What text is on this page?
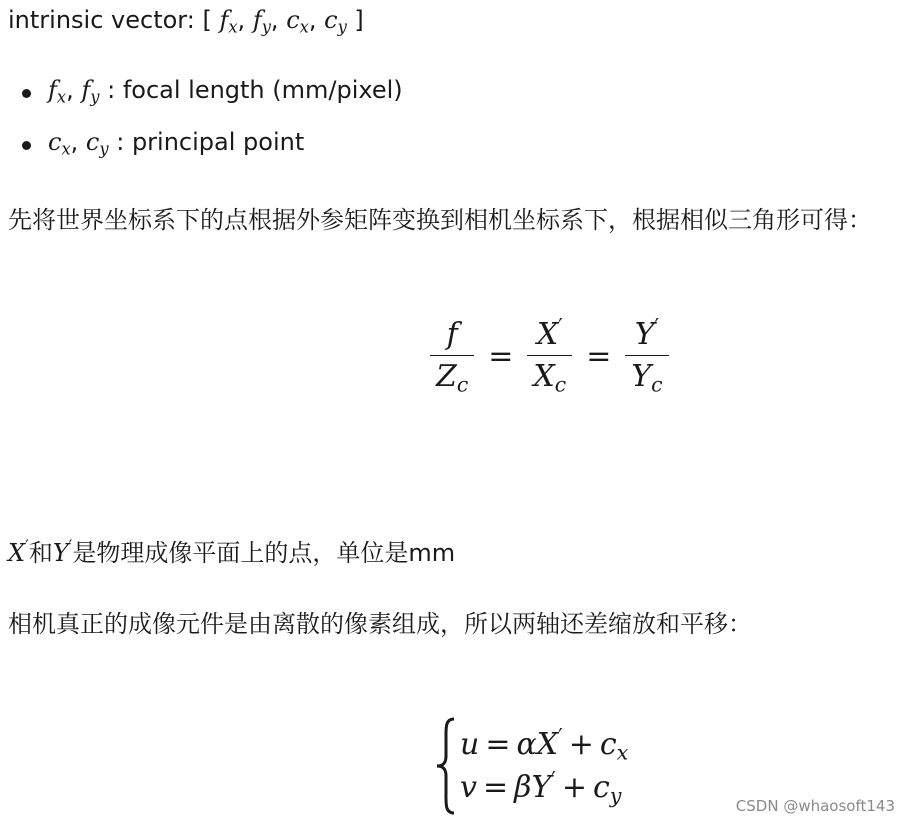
intrinsic vector: [ $f_x$, $f_y$, $c_x$, $c_y$ ]
$f_x$, $f_y$ : focal length (mm/pixel)
$c_x$, $c_y$ : principal point
先将世界坐标系下的点根据外参矩阵变换到相机坐标系下，根据相似三角形可得：
$\frac{f}{Z_c} = \frac{X'}{X_c} = \frac{Y'}{Y_c}$
X′和Y′是物理成像平面上的点，单位是mm
相机真正的成像元件是由离散的像素组成，所以两轴还差缩放和平移：
$u = \alpha X' + c_x$
$v = \beta Y' + c_y$	CSDN @whaosoft143
